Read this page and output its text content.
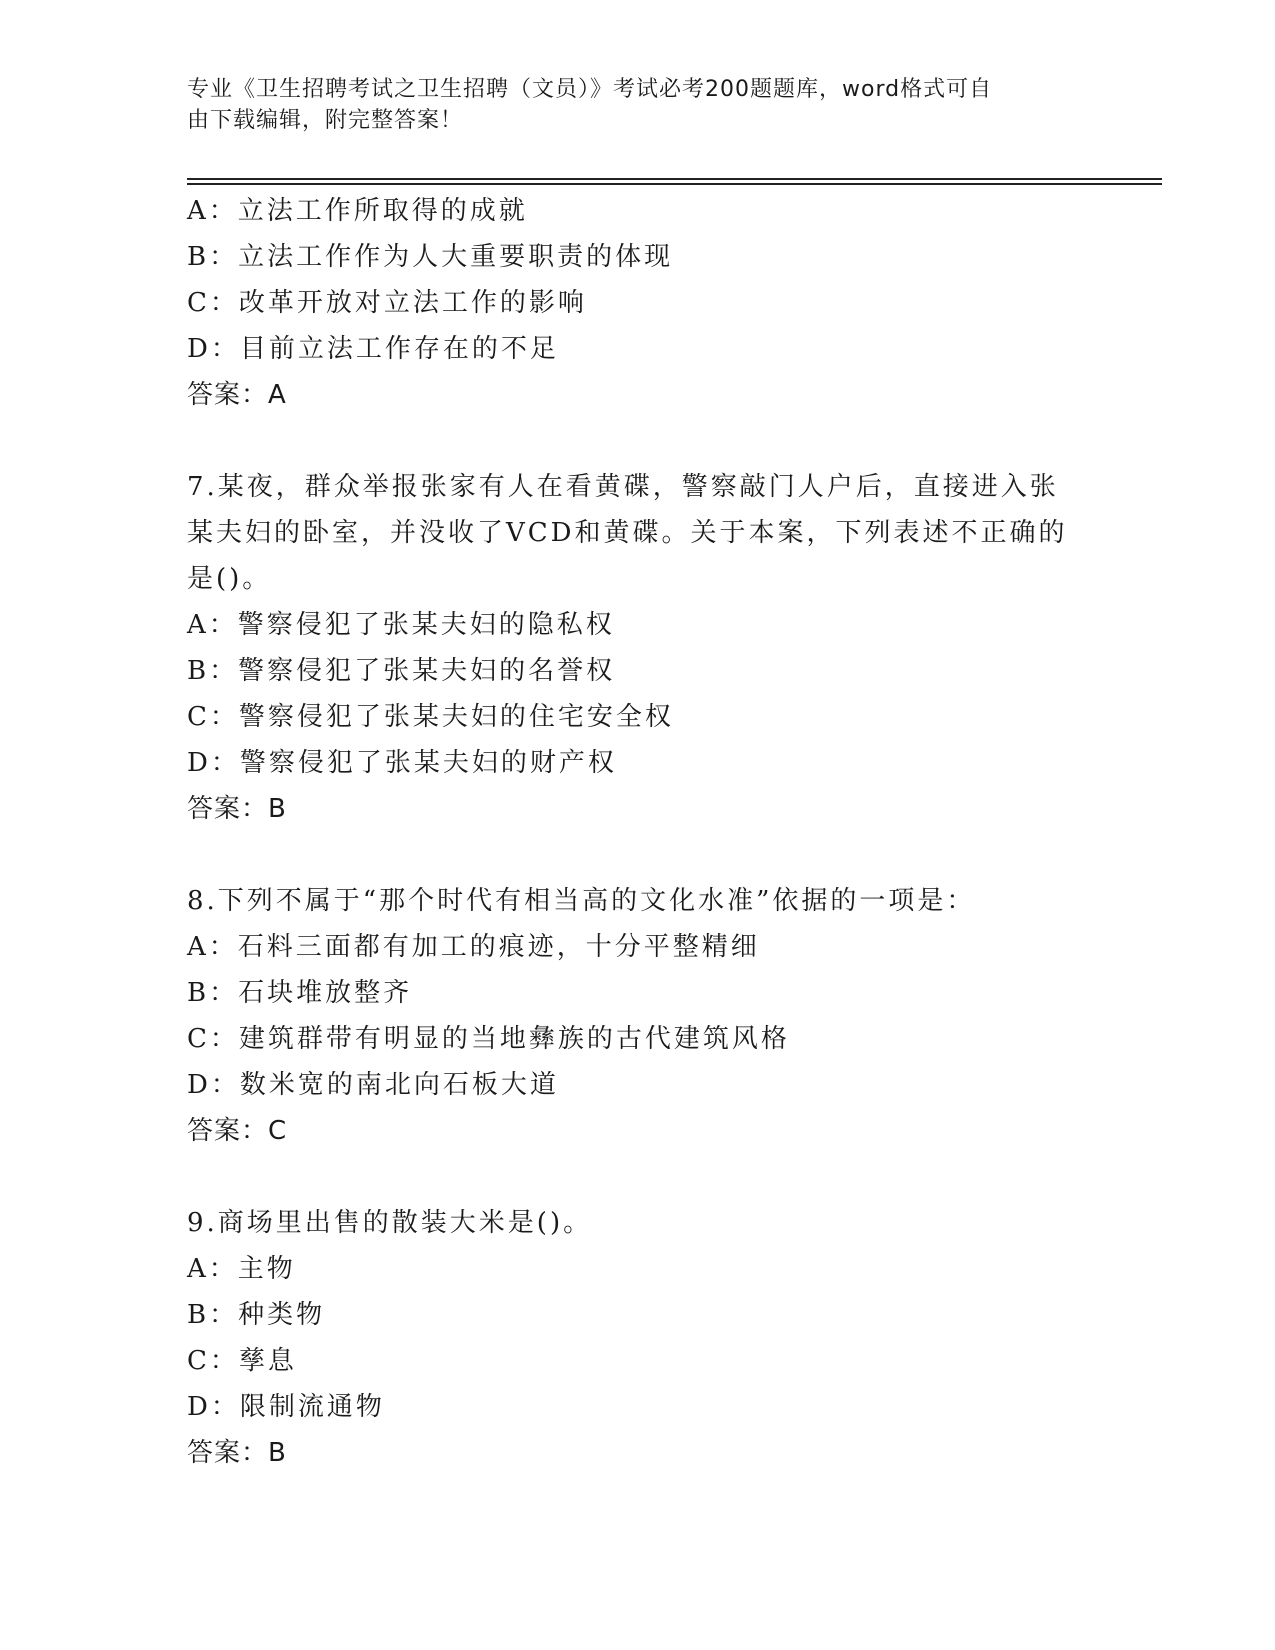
专业《卫生招聘考试之卫生招聘（文员）》考试必考200题题库，word格式可自
由下载编辑，附完整答案！
A：立法工作所取得的成就
B：立法工作作为人大重要职责的体现
C：改革开放对立法工作的影响
D：目前立法工作存在的不足
答案：A
7.某夜，群众举报张家有人在看黄碟，警察敲门人户后，直接进入张
某夫妇的卧室，并没收了VCD和黄碟。关于本案，下列表述不正确的
是()。
A：警察侵犯了张某夫妇的隐私权
B：警察侵犯了张某夫妇的名誉权
C：警察侵犯了张某夫妇的住宅安全权
D：警察侵犯了张某夫妇的财产权
答案：B
8.下列不属于“那个时代有相当高的文化水准”依据的一项是：
A：石料三面都有加工的痕迹，十分平整精细
B：石块堆放整齐
C：建筑群带有明显的当地彝族的古代建筑风格
D：数米宽的南北向石板大道
答案：C
9.商场里出售的散装大米是()。
A：主物
B：种类物
C：孳息
D：限制流通物
答案：B
